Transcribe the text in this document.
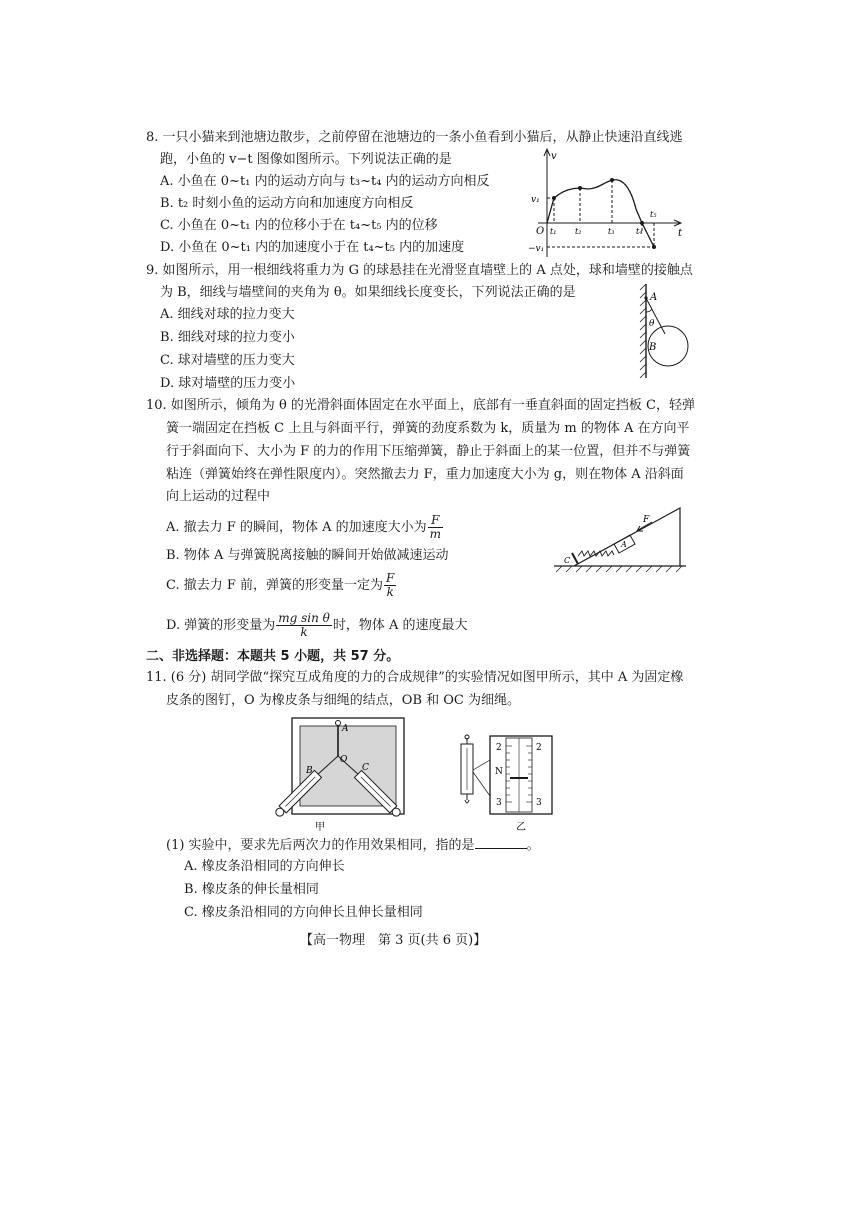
8. 一只小猫来到池塘边散步，之前停留在池塘边的一条小鱼看到小猫后，从静止快速沿直线逃
跑，小鱼的 v−t 图像如图所示。下列说法正确的是
A. 小鱼在 0~t₁ 内的运动方向与 t₃~t₄ 内的运动方向相反
B. t₂ 时刻小鱼的运动方向和加速度方向相反
C. 小鱼在 0~t₁ 内的位移小于在 t₄~t₅ 内的位移
D. 小鱼在 0~t₁ 内的加速度小于在 t₄~t₅ 内的加速度
v
t
O
v₁
−v₁
t₁ t₂	t₃	t₄
t₅
9. 如图所示，用一根细线将重力为 G 的球悬挂在光滑竖直墙壁上的 A 点处，球和墙壁的接触点
为 B，细线与墙壁间的夹角为 θ。如果细线长度变长，下列说法正确的是
A. 细线对球的拉力变大
B. 细线对球的拉力变小
C. 球对墙壁的压力变大
D. 球对墙壁的压力变小
A
θ
B
10. 如图所示，倾角为 θ 的光滑斜面体固定在水平面上，底部有一垂直斜面的固定挡板 C，轻弹
簧一端固定在挡板 C 上且与斜面平行，弹簧的劲度系数为 k，质量为 m 的物体 A 在方向平
行于斜面向下、大小为 F 的力的作用下压缩弹簧，静止于斜面上的某一位置，但并不与弹簧
粘连（弹簧始终在弹性限度内）。突然撤去力 F，重力加速度大小为 g，则在物体 A 沿斜面
向上运动的过程中
A. 撤去力 F 的瞬间，物体 A 的加速度大小为 $\frac{F}{m}$
B. 物体 A 与弹簧脱离接触的瞬间开始做减速运动
C. 撤去力 F 前，弹簧的形变量一定为 $\frac{F}{k}$
D. 弹簧的形变量为 $\frac{\text{mg sin θ}}{k}$ 时，物体 A 的速度最大
F
A
C
二、非选择题：本题共 5 小题，共 57 分。
11. (6 分) 胡同学做“探究互成角度的力的合成规律”的实验情况如图甲所示，其中 A 为固定橡
皮条的图钉，O 为橡皮条与细绳的结点，OB 和 OC 为细绳。
A
O
B	C
甲
2	2
N
3	3
乙
(1) 实验中，要求先后两次力的作用效果相同，指的是	。
A. 橡皮条沿相同的方向伸长
B. 橡皮条的伸长量相同
C. 橡皮条沿相同的方向伸长且伸长量相同
【高一物理　第 3 页(共 6 页)】
